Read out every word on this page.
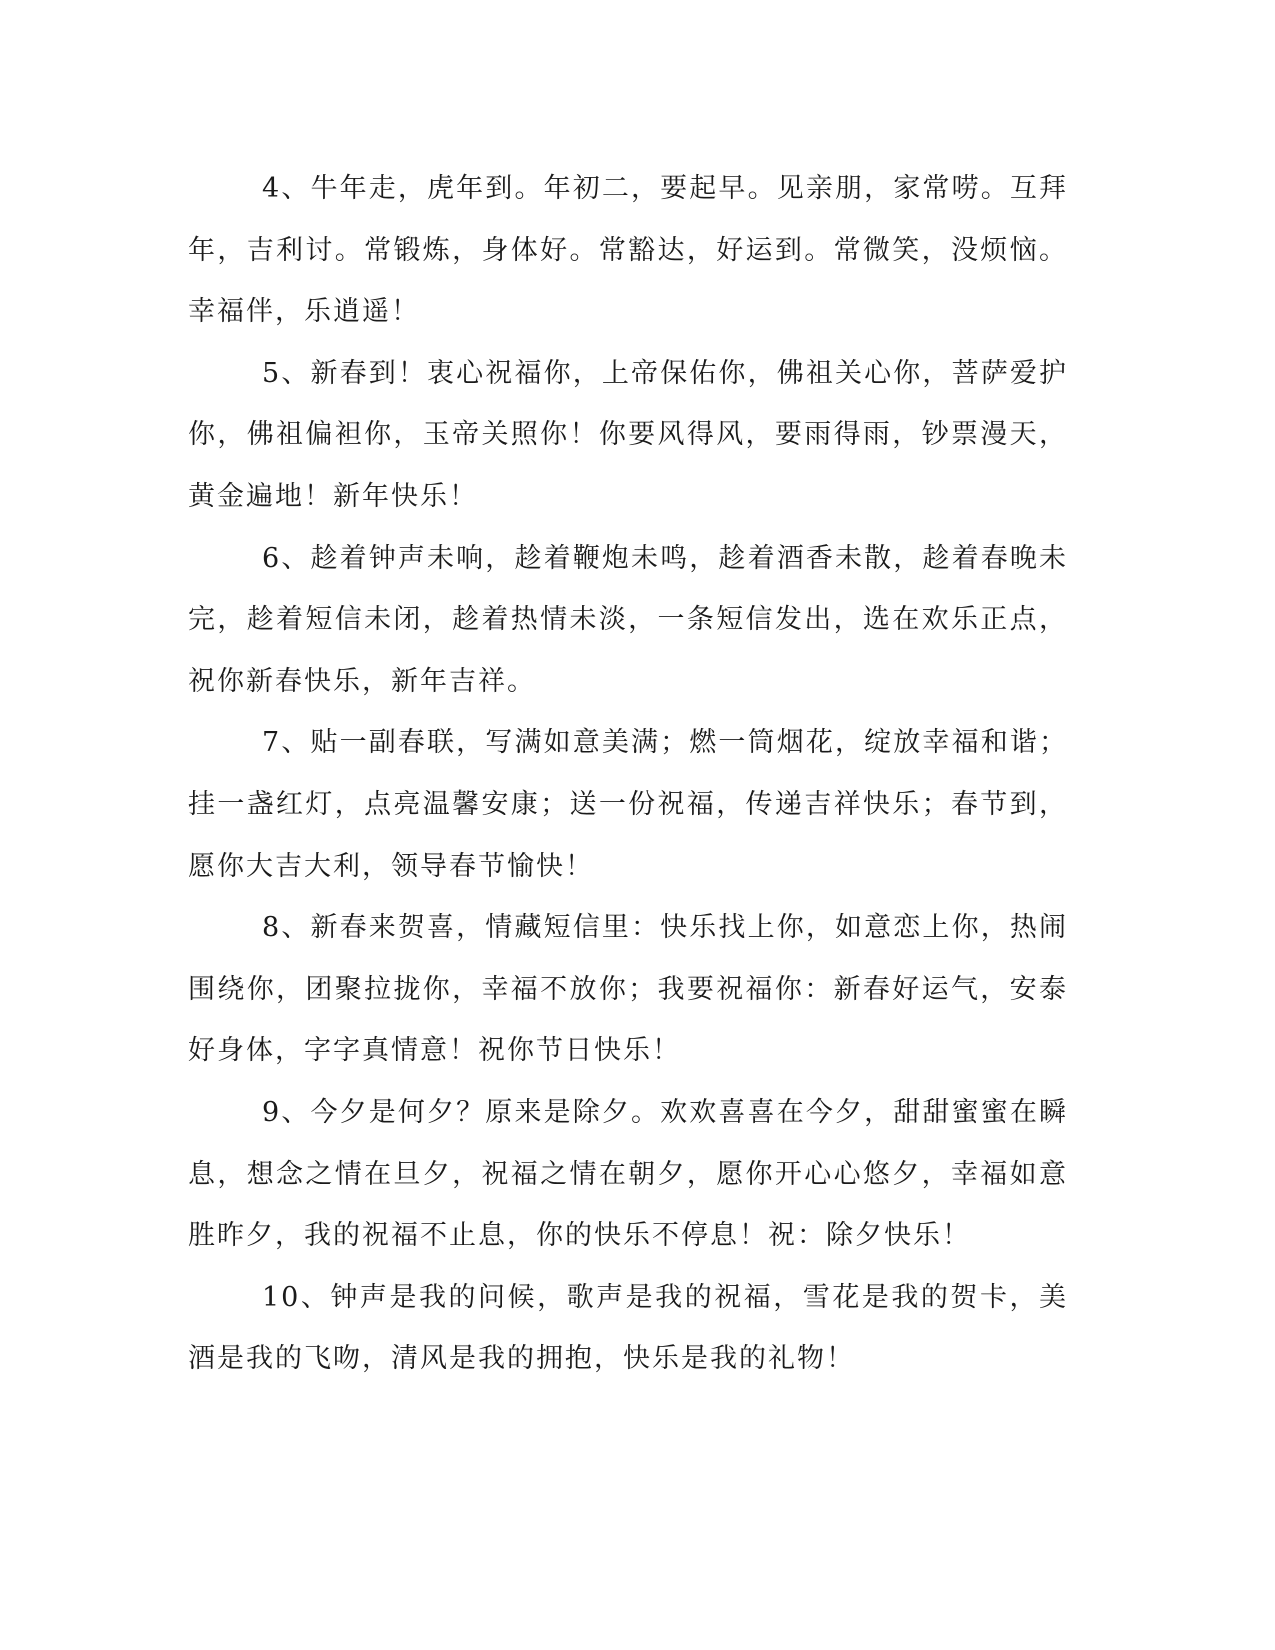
4、牛年走，虎年到。年初二，要起早。见亲朋，家常唠。互拜年，吉利讨。常锻炼，身体好。常豁达，好运到。常微笑，没烦恼。幸福伴，乐逍遥！

5、新春到！衷心祝福你，上帝保佑你，佛祖关心你，菩萨爱护你，佛祖偏袒你，玉帝关照你！你要风得风，要雨得雨，钞票漫天，黄金遍地！新年快乐！

6、趁着钟声未响，趁着鞭炮未鸣，趁着酒香未散，趁着春晚未完，趁着短信未闭，趁着热情未淡，一条短信发出，选在欢乐正点，祝你新春快乐，新年吉祥。

7、贴一副春联，写满如意美满；燃一筒烟花，绽放幸福和谐；挂一盏红灯，点亮温馨安康；送一份祝福，传递吉祥快乐；春节到，愿你大吉大利，领导春节愉快！

8、新春来贺喜，情藏短信里：快乐找上你，如意恋上你，热闹围绕你，团聚拉拢你，幸福不放你；我要祝福你：新春好运气，安泰好身体，字字真情意！祝你节日快乐！

9、今夕是何夕？原来是除夕。欢欢喜喜在今夕，甜甜蜜蜜在瞬息，想念之情在旦夕，祝福之情在朝夕，愿你开心心悠夕，幸福如意胜昨夕，我的祝福不止息，你的快乐不停息！祝：除夕快乐！

10、钟声是我的问候，歌声是我的祝福，雪花是我的贺卡，美酒是我的飞吻，清风是我的拥抱，快乐是我的礼物！
